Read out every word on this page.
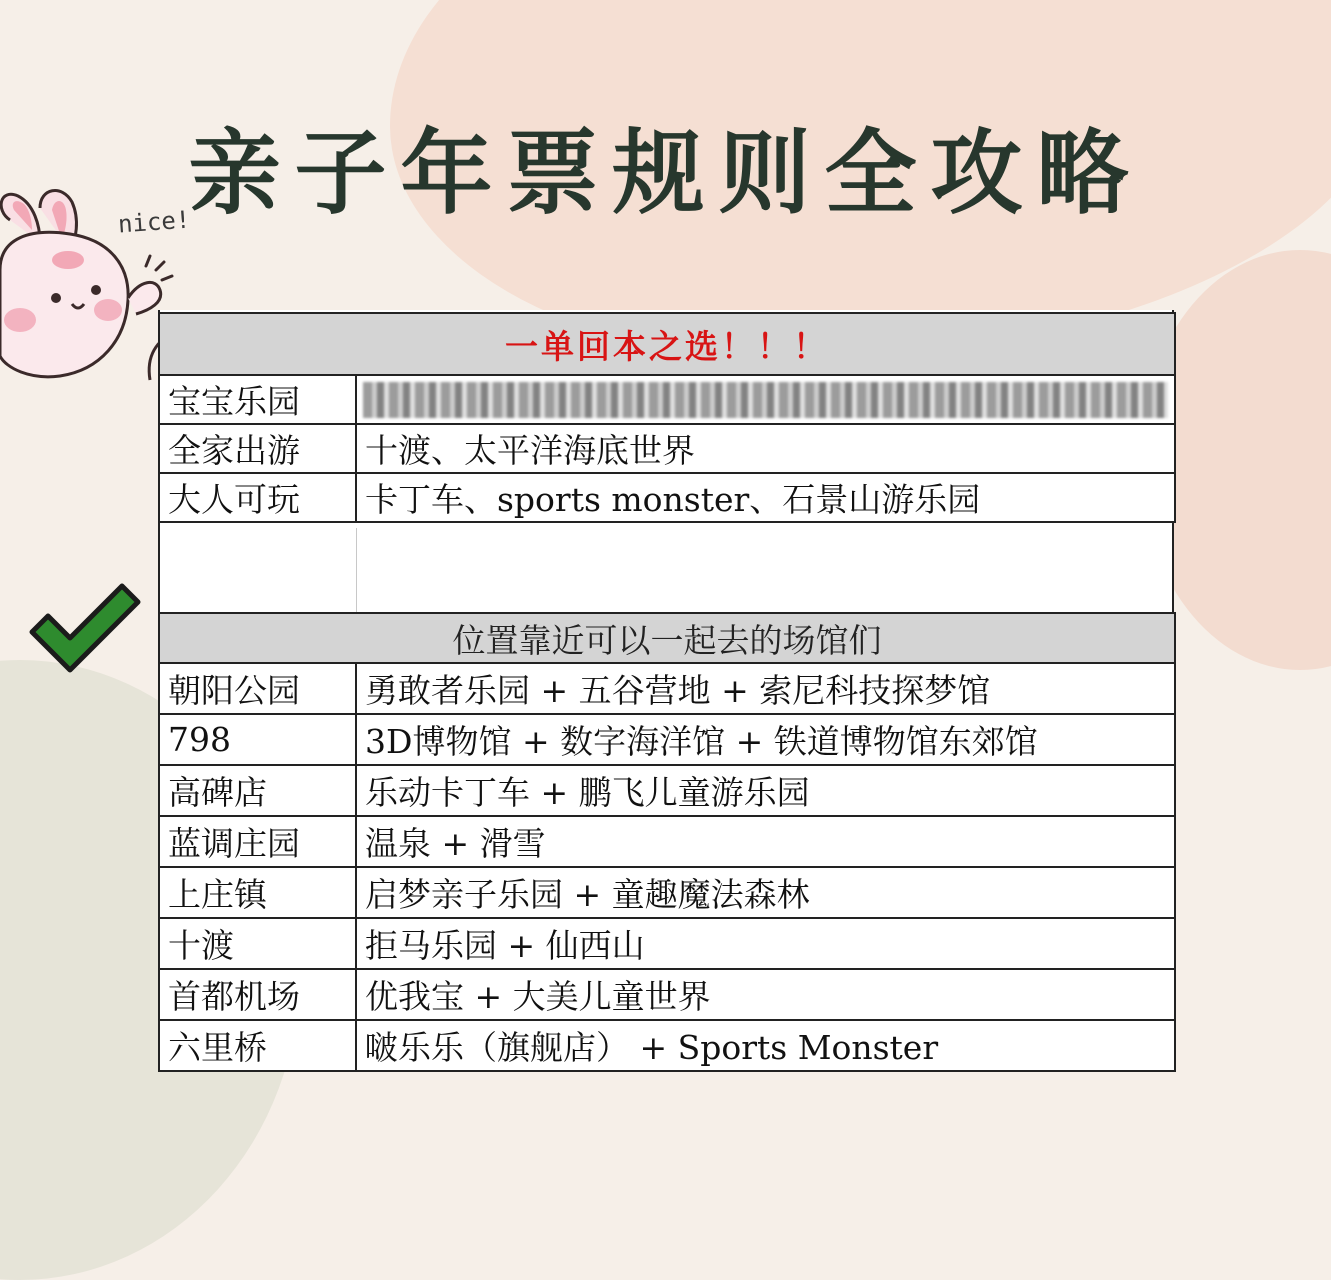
亲子年票规则全攻略
nice!
一单回本之选！！！	
宝宝乐园	

全家出游	十渡、太平洋海底世界
大人可玩	卡丁车、sports monster、石景山游乐园
位置靠近可以一起去的场馆们	
朝阳公园	勇敢者乐园 + 五谷营地 + 索尼科技探梦馆
798	3D博物馆 + 数字海洋馆 + 铁道博物馆东郊馆
高碑店	乐动卡丁车 + 鹏飞儿童游乐园
蓝调庄园	温泉 + 滑雪
上庄镇	启梦亲子乐园 + 童趣魔法森林
十渡	拒马乐园 + 仙西山
首都机场	优我宝 + 大美儿童世界
六里桥	啵乐乐（旗舰店） + Sports Monster
